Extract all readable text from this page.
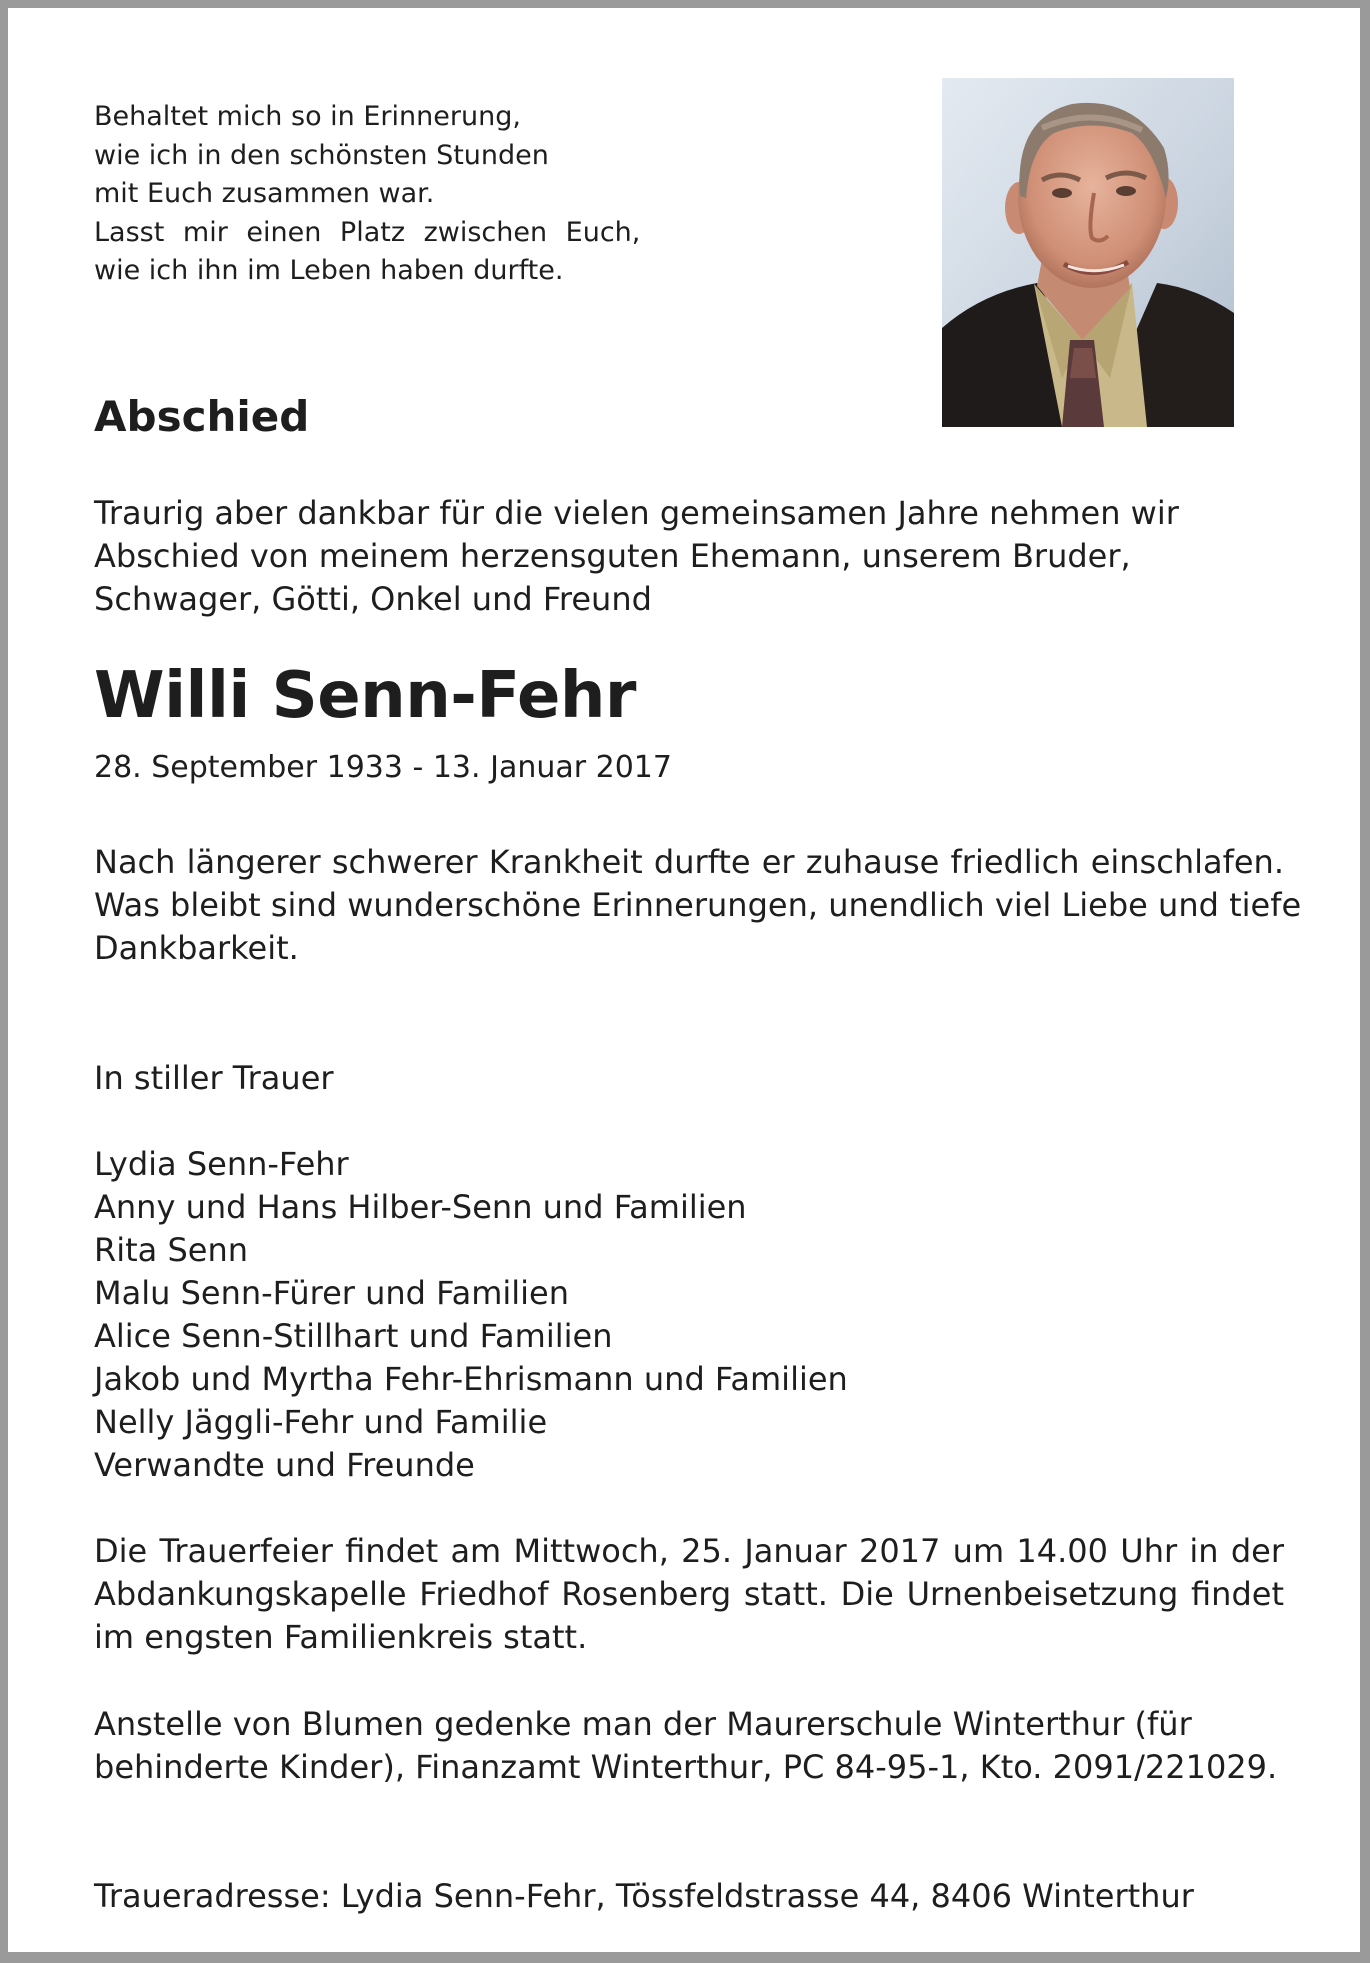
Behaltet mich so in Erinnerung,
wie ich in den schönsten Stunden
mit Euch zusammen war.
Lasst mir einen Platz zwischen Euch,
wie ich ihn im Leben haben durfte.
Abschied
Traurig aber dankbar für die vielen gemeinsamen Jahre nehmen wir
Abschied von meinem herzensguten Ehemann, unserem Bruder,
Schwager, Götti, Onkel und Freund
Willi Senn-Fehr
28. September 1933 - 13. Januar 2017
Nach längerer schwerer Krankheit durfte er zuhause friedlich einschlafen.
Was bleibt sind wunderschöne Erinnerungen, unendlich viel Liebe und tiefe
Dankbarkeit.
In stiller Trauer
Lydia Senn-Fehr
Anny und Hans Hilber-Senn und Familien
Rita Senn
Malu Senn-Fürer und Familien
Alice Senn-Stillhart und Familien
Jakob und Myrtha Fehr-Ehrismann und Familien
Nelly Jäggli-Fehr und Familie
Verwandte und Freunde
Die Trauerfeier findet am Mittwoch, 25. Januar 2017 um 14.00 Uhr in der
Abdankungskapelle Friedhof Rosenberg statt. Die Urnenbeisetzung findet
im engsten Familienkreis statt.
Anstelle von Blumen gedenke man der Maurerschule Winterthur (für
behinderte Kinder), Finanzamt Winterthur, PC 84-95-1, Kto. 2091/221029.
Traueradresse: Lydia Senn-Fehr, Tössfeldstrasse 44, 8406 Winterthur
